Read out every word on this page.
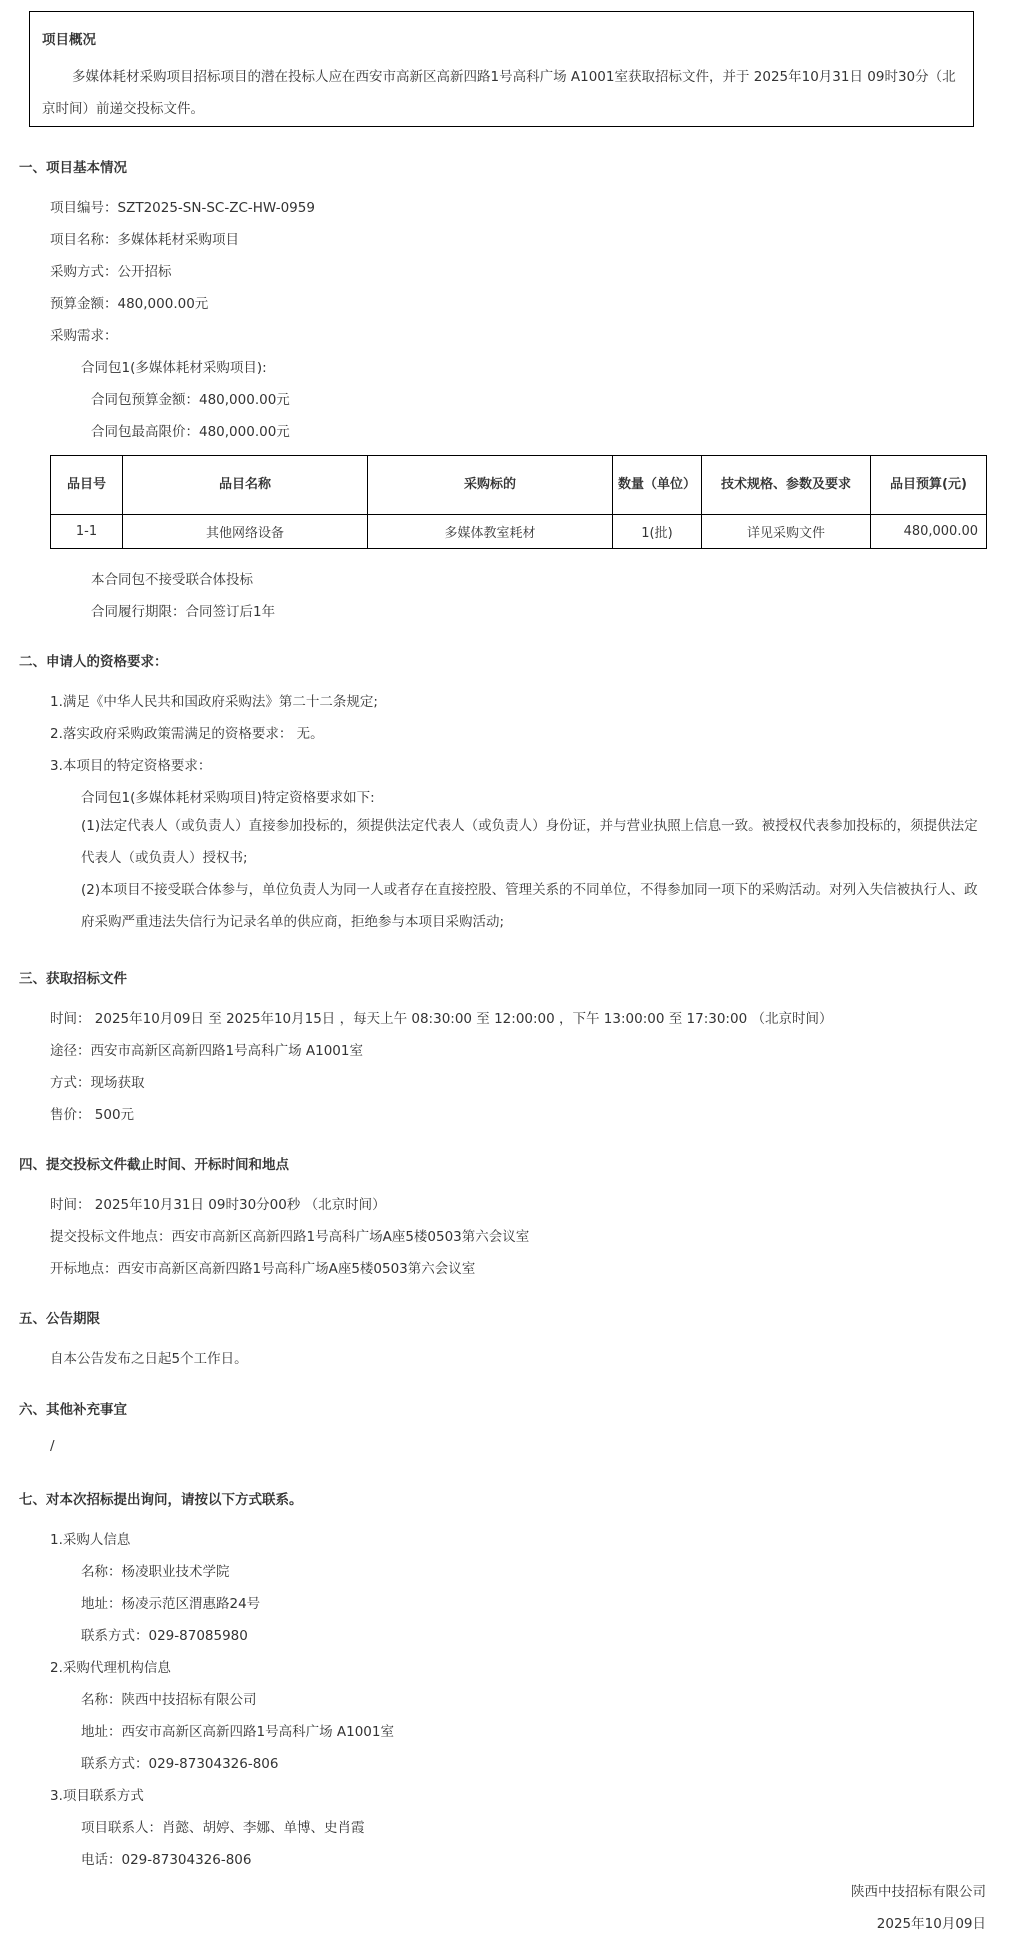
项目概况
多媒体耗材采购项目招标项目的潜在投标人应在西安市高新区高新四路1号高科广场 A1001室获取招标文件，并于 2025年10月31日 09时30分（北京时间）前递交投标文件。
一、项目基本情况
项目编号：SZT2025-SN-SC-ZC-HW-0959
项目名称：多媒体耗材采购项目
采购方式：公开招标
预算金额：480,000.00元
采购需求：
合同包1(多媒体耗材采购项目):
合同包预算金额：480,000.00元
合同包最高限价：480,000.00元
品目号	品目名称	采购标的	数量（单位）	技术规格、参数及要求	品目预算(元)
1-1	其他网络设备	多媒体教室耗材	1(批)	详见采购文件	480,000.00
本合同包不接受联合体投标
合同履行期限：合同签订后1年
二、申请人的资格要求：
1.满足《中华人民共和国政府采购法》第二十二条规定;
2.落实政府采购政策需满足的资格要求： 无。
3.本项目的特定资格要求：
合同包1(多媒体耗材采购项目)特定资格要求如下:
(1)法定代表人（或负责人）直接参加投标的，须提供法定代表人（或负责人）身份证，并与营业执照上信息一致。被授权代表参加投标的，须提供法定代表人（或负责人）授权书;
(2)本项目不接受联合体参与，单位负责人为同一人或者存在直接控股、管理关系的不同单位，不得参加同一项下的采购活动。对列入失信被执行人、政府采购严重违法失信行为记录名单的供应商，拒绝参与本项目采购活动;
三、获取招标文件
时间： 2025年10月09日 至 2025年10月15日 ，每天上午 08:30:00 至 12:00:00 ，下午 13:00:00 至 17:30:00 （北京时间）
途径：西安市高新区高新四路1号高科广场 A1001室
方式：现场获取
售价： 500元
四、提交投标文件截止时间、开标时间和地点
时间： 2025年10月31日 09时30分00秒 （北京时间）
提交投标文件地点：西安市高新区高新四路1号高科广场A座5楼0503第六会议室
开标地点：西安市高新区高新四路1号高科广场A座5楼0503第六会议室
五、公告期限
自本公告发布之日起5个工作日。
六、其他补充事宜
/
七、对本次招标提出询问，请按以下方式联系。
1.采购人信息
名称：杨凌职业技术学院
地址：杨凌示范区渭惠路24号
联系方式：029-87085980
2.采购代理机构信息
名称：陕西中技招标有限公司
地址：西安市高新区高新四路1号高科广场 A1001室
联系方式：029-87304326-806
3.项目联系方式
项目联系人：肖懿、胡婷、李娜、单博、史肖霞
电话：029-87304326-806
陕西中技招标有限公司
2025年10月09日
